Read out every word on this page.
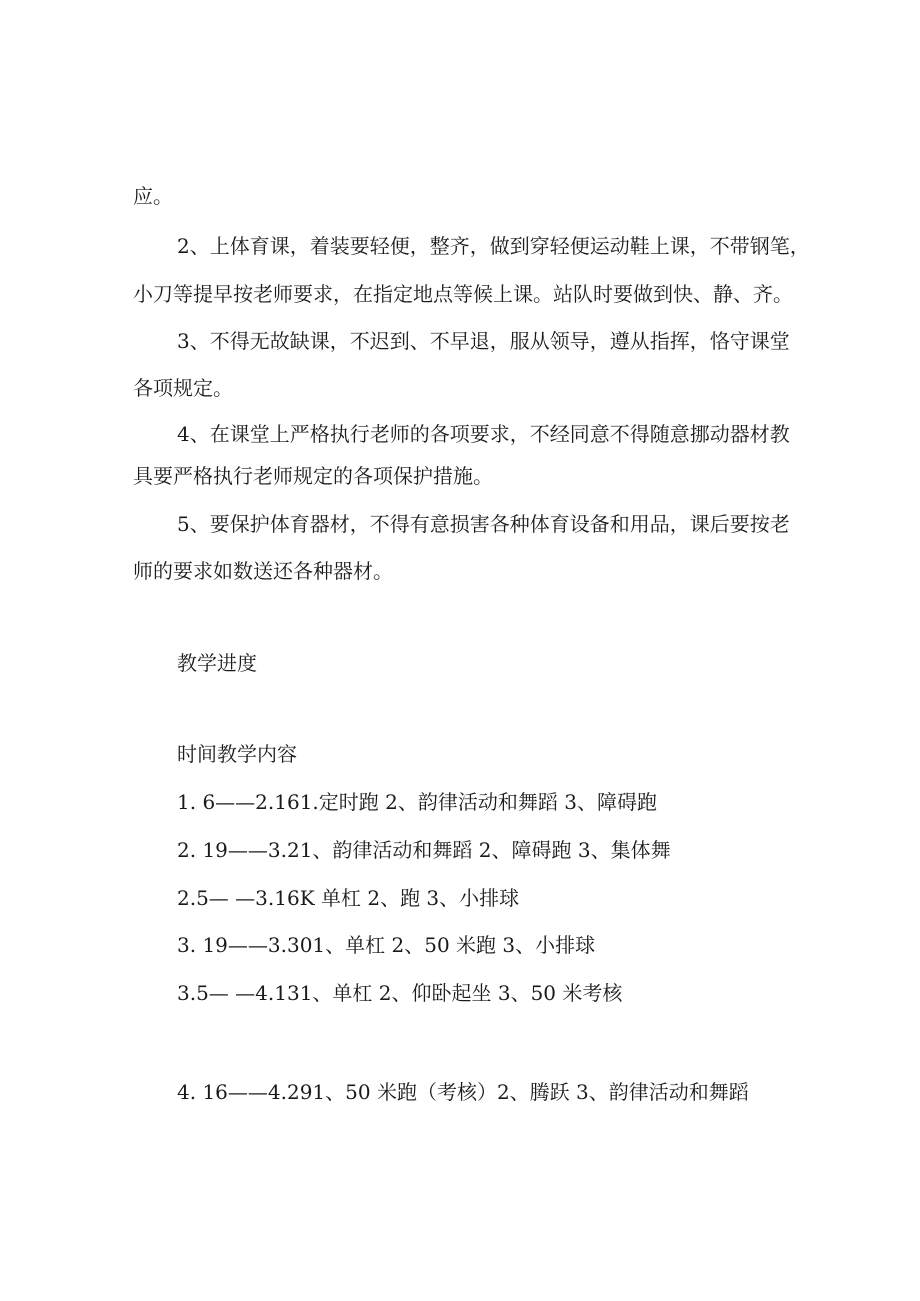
应。

2、上体育课，着装要轻便，整齐，做到穿轻便运动鞋上课，不带钢笔，

小刀等提早按老师要求，在指定地点等候上课。站队时要做到快、静、齐。

3、不得无故缺课，不迟到、不早退，服从领导，遵从指挥，恪守课堂

各项规定。

4、在课堂上严格执行老师的各项要求，不经同意不得随意挪动器材教

具要严格执行老师规定的各项保护措施。

5、要保护体育器材，不得有意损害各种体育设备和用品，课后要按老

师的要求如数送还各种器材。

教学进度

时间教学内容

1. 6——2.161.定时跑 2、韵律活动和舞蹈 3、障碍跑

2. 19——3.21、韵律活动和舞蹈 2、障碍跑 3、集体舞

2.5— —3.16K 单杠 2、跑 3、小排球

3. 19——3.301、单杠 2、50 米跑 3、小排球

3.5— —4.131、单杠 2、仰卧起坐 3、50 米考核

4. 16——4.291、50 米跑（考核）2、腾跃 3、韵律活动和舞蹈
